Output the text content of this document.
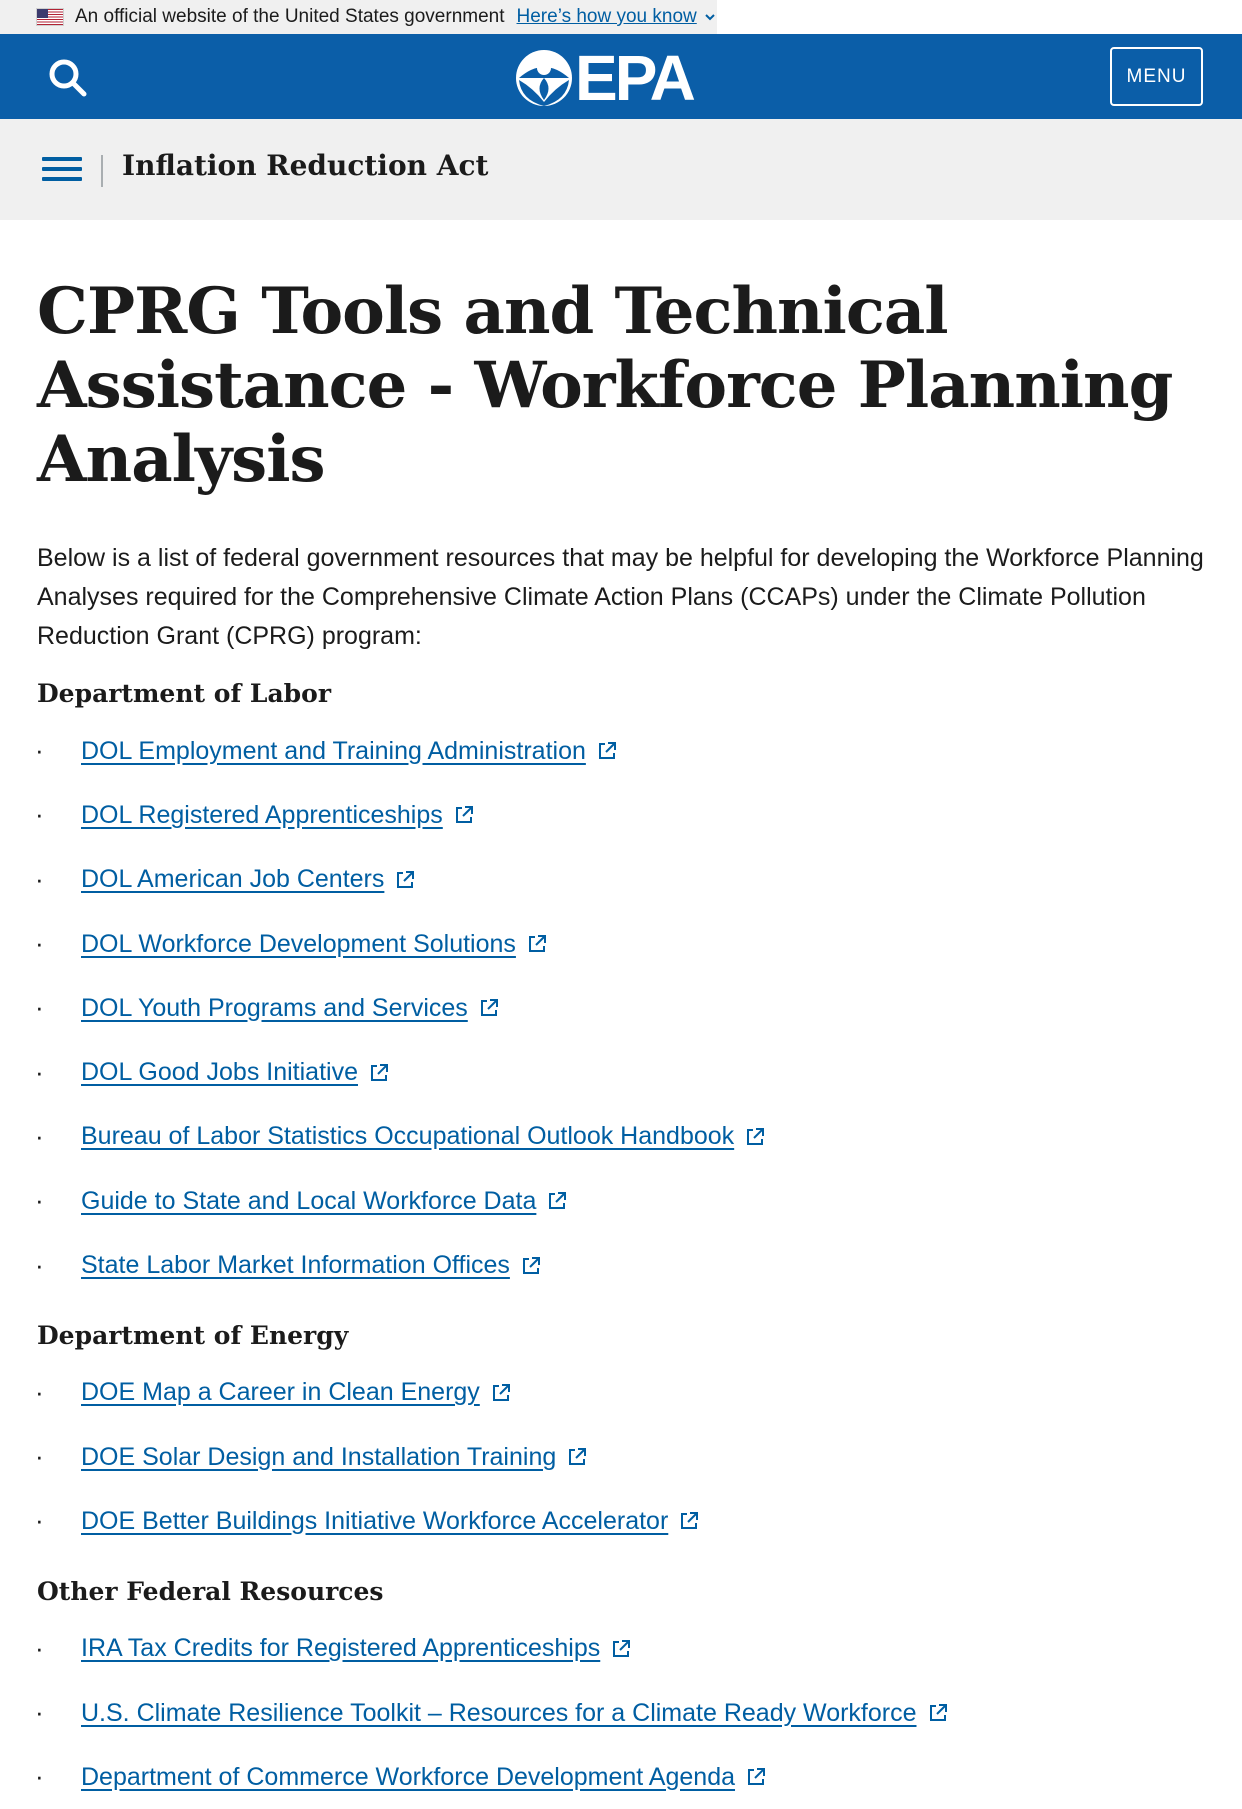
An official website of the United States government Here’s how you know
EPA	MENU
Inflation Reduction Act
CPRG Tools and Technical Assistance - Workforce Planning Analysis

Below is a list of federal government resources that may be helpful for developing the Workforce Planning Analyses required for the Comprehensive Climate Action Plans (CCAPs) under the Climate Pollution Reduction Grant (CPRG) program:

Department of Labor
· DOL Employment and Training Administration
· DOL Registered Apprenticeships
· DOL American Job Centers
· DOL Workforce Development Solutions
· DOL Youth Programs and Services
· DOL Good Jobs Initiative
· Bureau of Labor Statistics Occupational Outlook Handbook
· Guide to State and Local Workforce Data
· State Labor Market Information Offices
Department of Energy
· DOE Map a Career in Clean Energy
· DOE Solar Design and Installation Training
· DOE Better Buildings Initiative Workforce Accelerator
Other Federal Resources
· IRA Tax Credits for Registered Apprenticeships
· U.S. Climate Resilience Toolkit – Resources for a Climate Ready Workforce
· Department of Commerce Workforce Development Agenda
